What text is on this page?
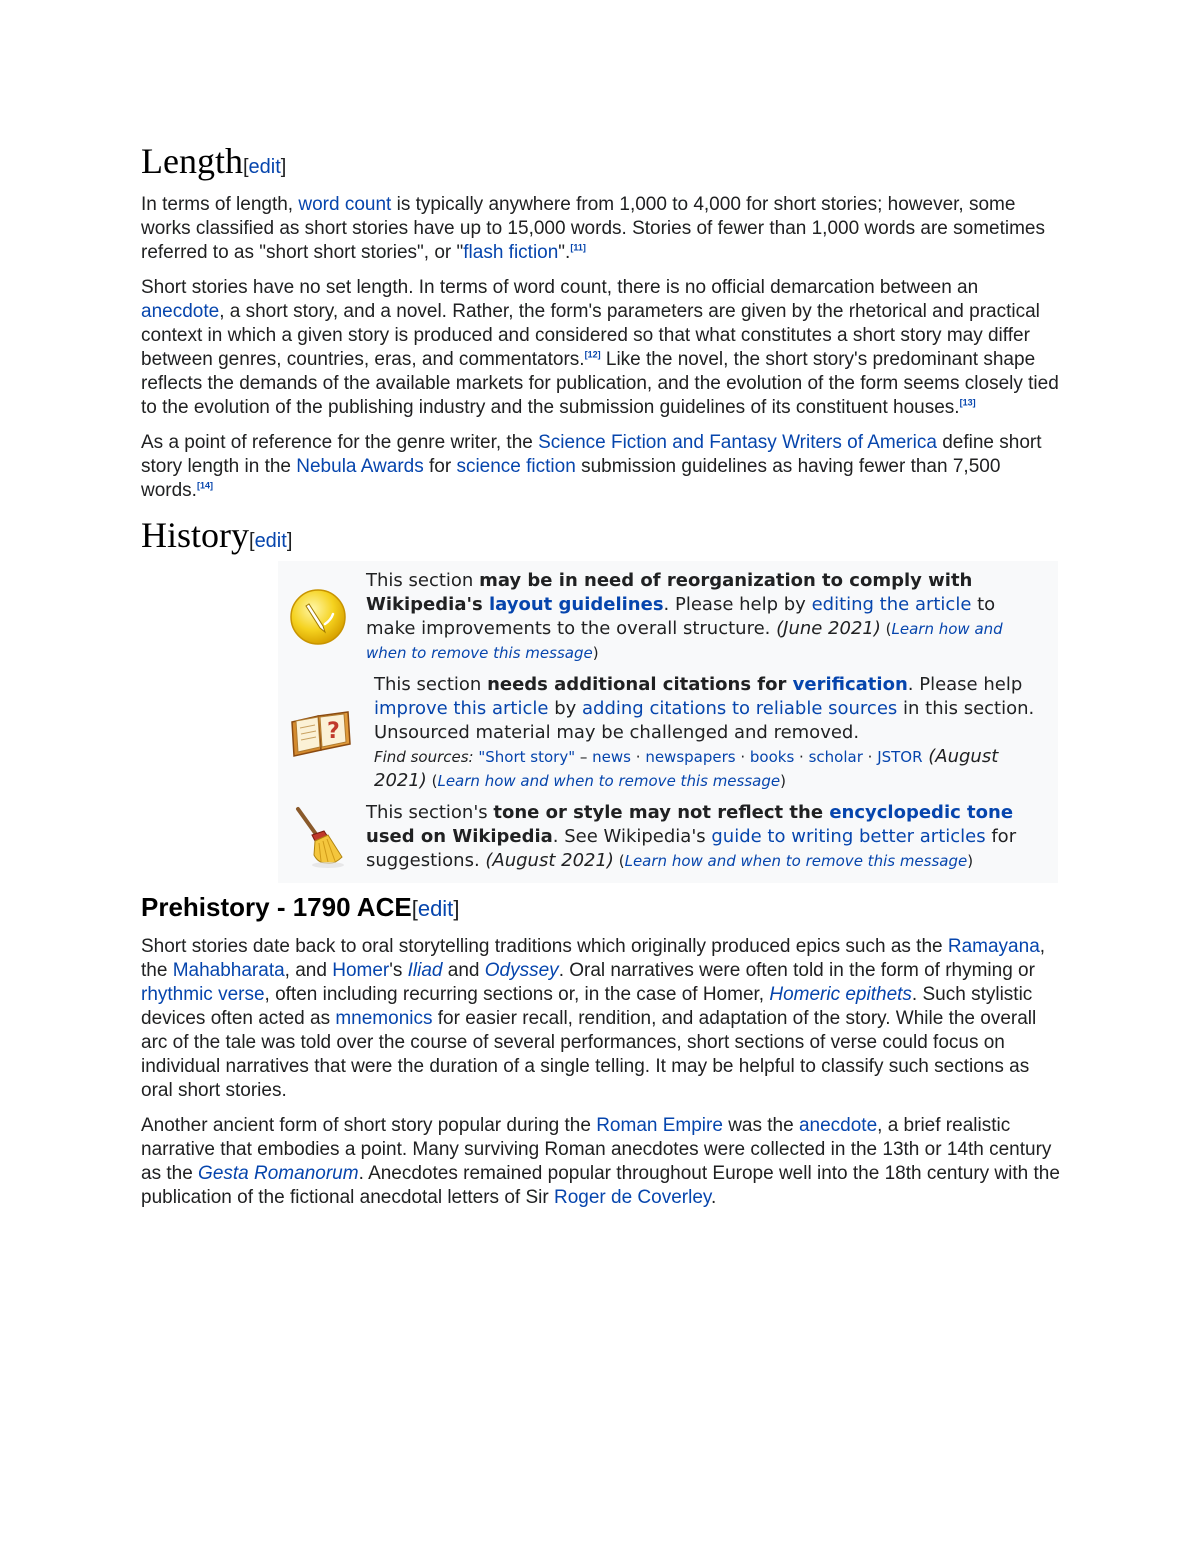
Length[edit]

In terms of length, word count is typically anywhere from 1,000 to 4,000 for short stories; however, some works classified as short stories have up to 15,000 words. Stories of fewer than 1,000 words are sometimes referred to as "short short stories", or "flash fiction".[11]

Short stories have no set length. In terms of word count, there is no official demarcation between an anecdote, a short story, and a novel. Rather, the form's parameters are given by the rhetorical and practical context in which a given story is produced and considered so that what constitutes a short story may differ between genres, countries, eras, and commentators.[12] Like the novel, the short story's predominant shape reflects the demands of the available markets for publication, and the evolution of the form seems closely tied to the evolution of the publishing industry and the submission guidelines of its constituent houses.[13]

As a point of reference for the genre writer, the Science Fiction and Fantasy Writers of America define short story length in the Nebula Awards for science fiction submission guidelines as having fewer than 7,500 words.[14]

History[edit]
This section may be in need of reorganization to comply with Wikipedia's layout guidelines. Please help by editing the article to make improvements to the overall structure. (June 2021) (Learn how and when to remove this message)
?
This section needs additional citations for verification. Please help improve this article by adding citations to reliable sources in this section. Unsourced material may be challenged and removed.
Find sources: "Short story" – news · newspapers · books · scholar · JSTOR (August 2021) (Learn how and when to remove this message)
This section's tone or style may not reflect the encyclopedic tone used on Wikipedia. See Wikipedia's guide to writing better articles for suggestions. (August 2021) (Learn how and when to remove this message)
Prehistory - 1790 ACE[edit]

Short stories date back to oral storytelling traditions which originally produced epics such as the Ramayana, the Mahabharata, and Homer's Iliad and Odyssey. Oral narratives were often told in the form of rhyming or rhythmic verse, often including recurring sections or, in the case of Homer, Homeric epithets. Such stylistic devices often acted as mnemonics for easier recall, rendition, and adaptation of the story. While the overall arc of the tale was told over the course of several performances, short sections of verse could focus on individual narratives that were the duration of a single telling. It may be helpful to classify such sections as oral short stories.

Another ancient form of short story popular during the Roman Empire was the anecdote, a brief realistic narrative that embodies a point. Many surviving Roman anecdotes were collected in the 13th or 14th century as the Gesta Romanorum. Anecdotes remained popular throughout Europe well into the 18th century with the publication of the fictional anecdotal letters of Sir Roger de Coverley.
